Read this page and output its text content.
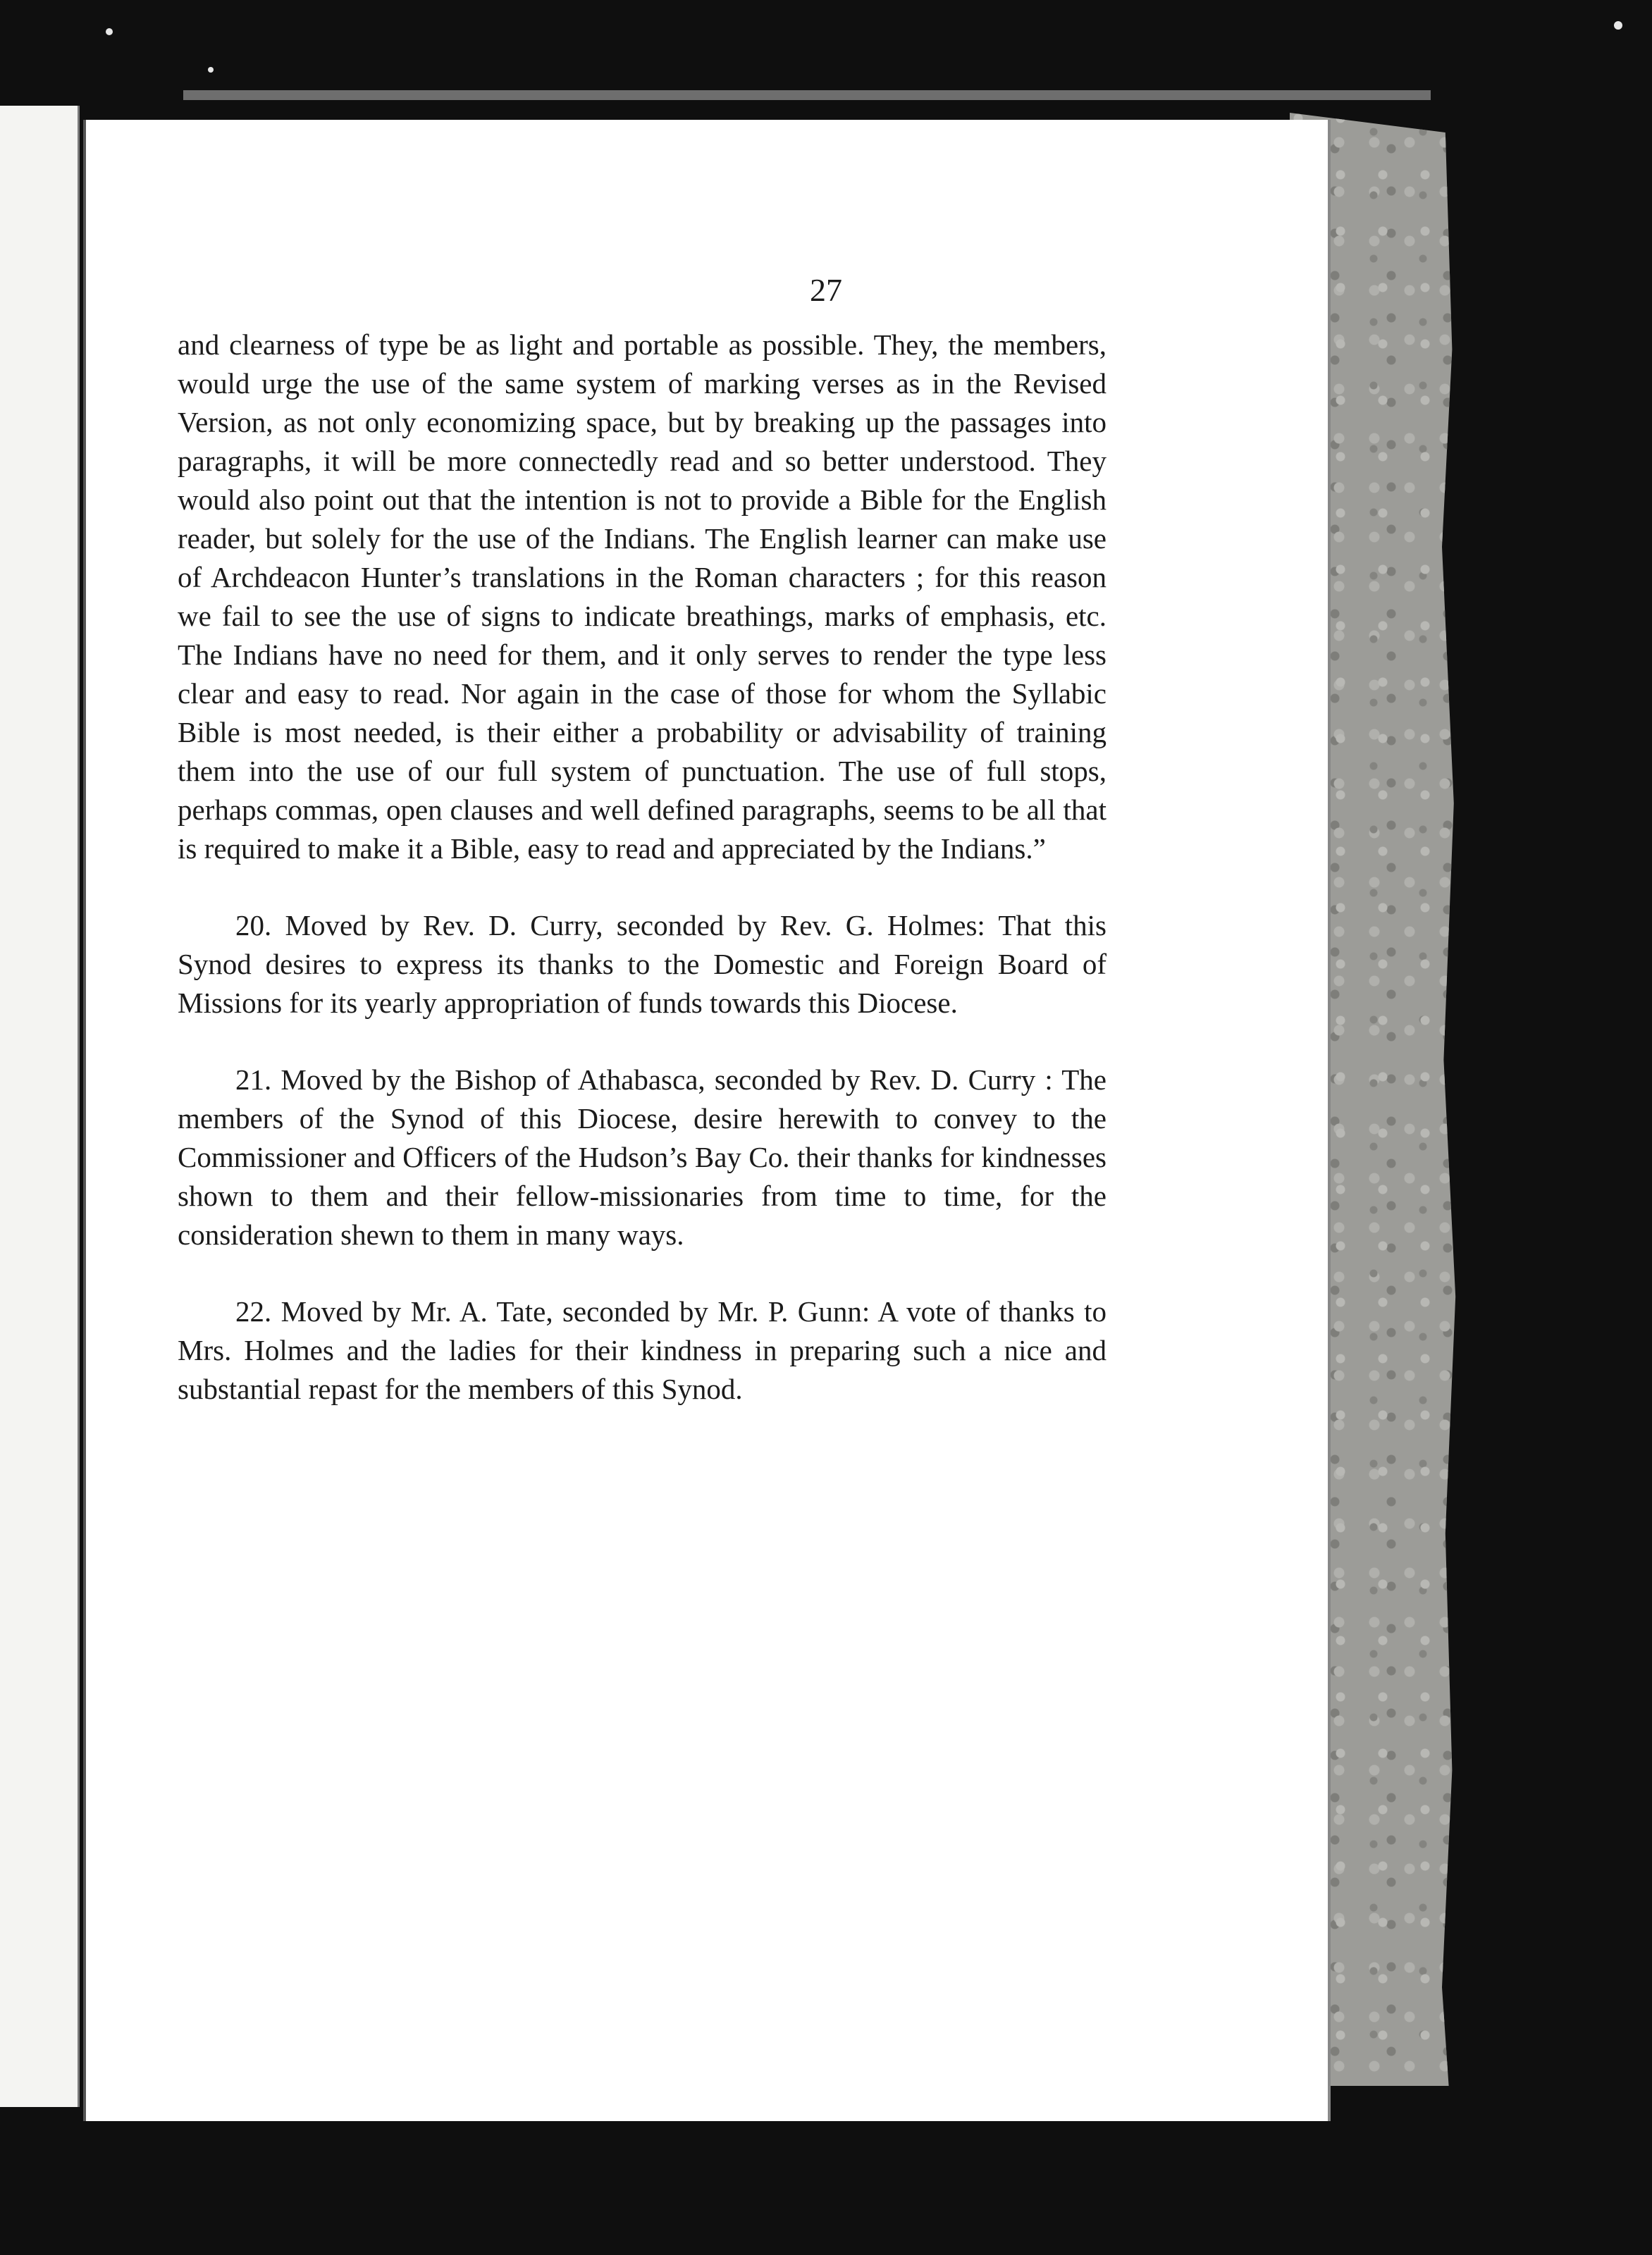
27

and clearness of type be as light and portable as possible. They, the members, would urge the use of the same system of marking verses as in the Revised Version, as not only economizing space, but by breaking up the passages into paragraphs, it will be more connectedly read and so better understood. They would also point out that the intention is not to provide a Bible for the English reader, but solely for the use of the Indians. The English learner can make use of Archdeacon Hunter’s translations in the Roman characters ; for this reason we fail to see the use of signs to indicate breathings, marks of emphasis, etc. The Indians have no need for them, and it only serves to render the type less clear and easy to read. Nor again in the case of those for whom the Syllabic Bible is most needed, is their either a probability or advisability of training them into the use of our full system of punctuation. The use of full stops, perhaps commas, open clauses and well defined paragraphs, seems to be all that is required to make it a Bible, easy to read and appreciated by the Indians.”

20. Moved by Rev. D. Curry, seconded by Rev. G. Holmes: That this Synod desires to express its thanks to the Domestic and Foreign Board of Missions for its yearly appropriation of funds towards this Diocese.

21. Moved by the Bishop of Athabasca, seconded by Rev. D. Curry : The members of the Synod of this Diocese, desire herewith to convey to the Commissioner and Officers of the Hudson’s Bay Co. their thanks for kindnesses shown to them and their fellow-missionaries from time to time, for the consideration shewn to them in many ways.

22. Moved by Mr. A. Tate, seconded by Mr. P. Gunn: A vote of thanks to Mrs. Holmes and the ladies for their kindness in preparing such a nice and substantial repast for the members of this Synod.
